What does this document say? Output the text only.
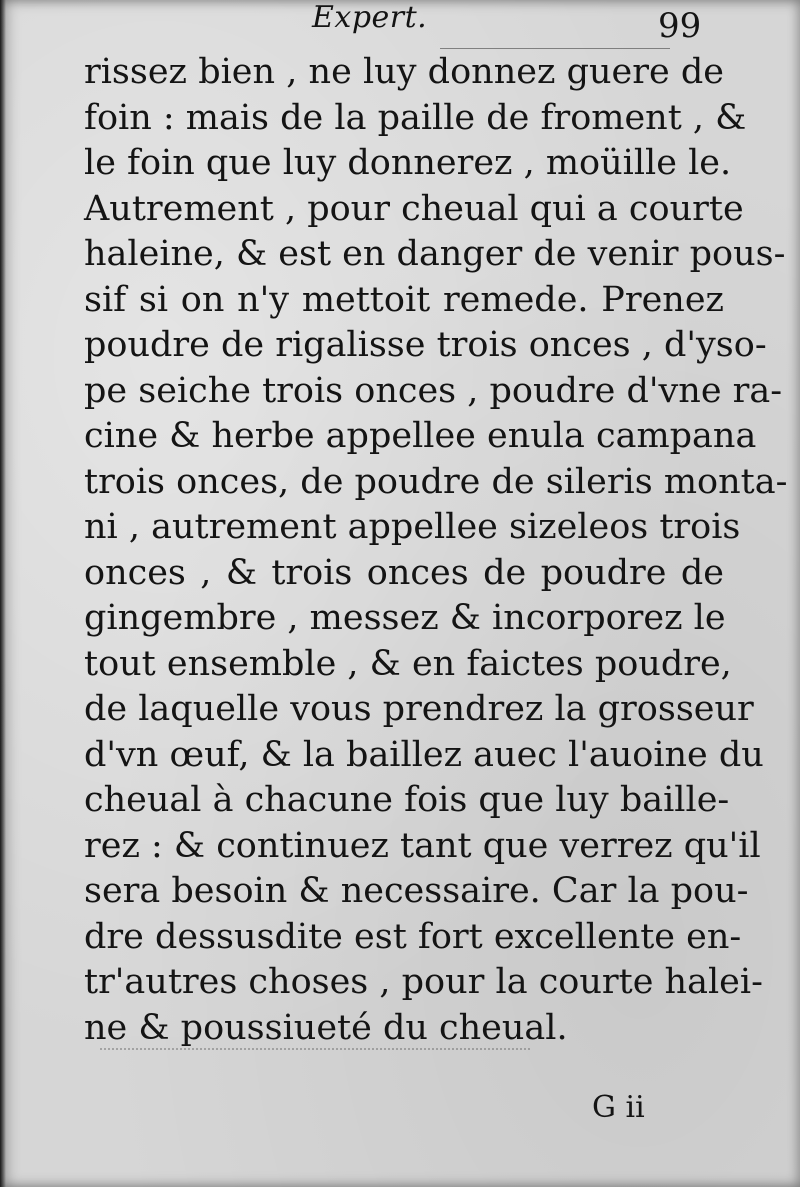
Expert.	99
rissez bien , ne luy donnez guere de
foin : mais de la paille de froment , &
le foin que luy donnerez , moüille le.
Autrement , pour cheual qui a courte
haleine, & est en danger de venir pous-
sif si on n'y mettoit remede. Prenez
poudre de rigalisse trois onces , d'yso-
pe seiche trois onces , poudre d'vne ra-
cine & herbe appellee enula campana
trois onces, de poudre de sileris monta-
ni , autrement appellee sizeleos trois
onces , & trois onces de poudre de
gingembre , messez & incorporez le
tout ensemble , & en faictes poudre,
de laquelle vous prendrez la grosseur
d'vn œuf, & la baillez auec l'auoine du
cheual à chacune fois que luy baille-
rez : & continuez tant que verrez qu'il
sera besoin & necessaire. Car la pou-
dre dessusdite est fort excellente en-
tr'autres choses , pour la courte halei-
ne & poussiueté du cheual.
G ii
